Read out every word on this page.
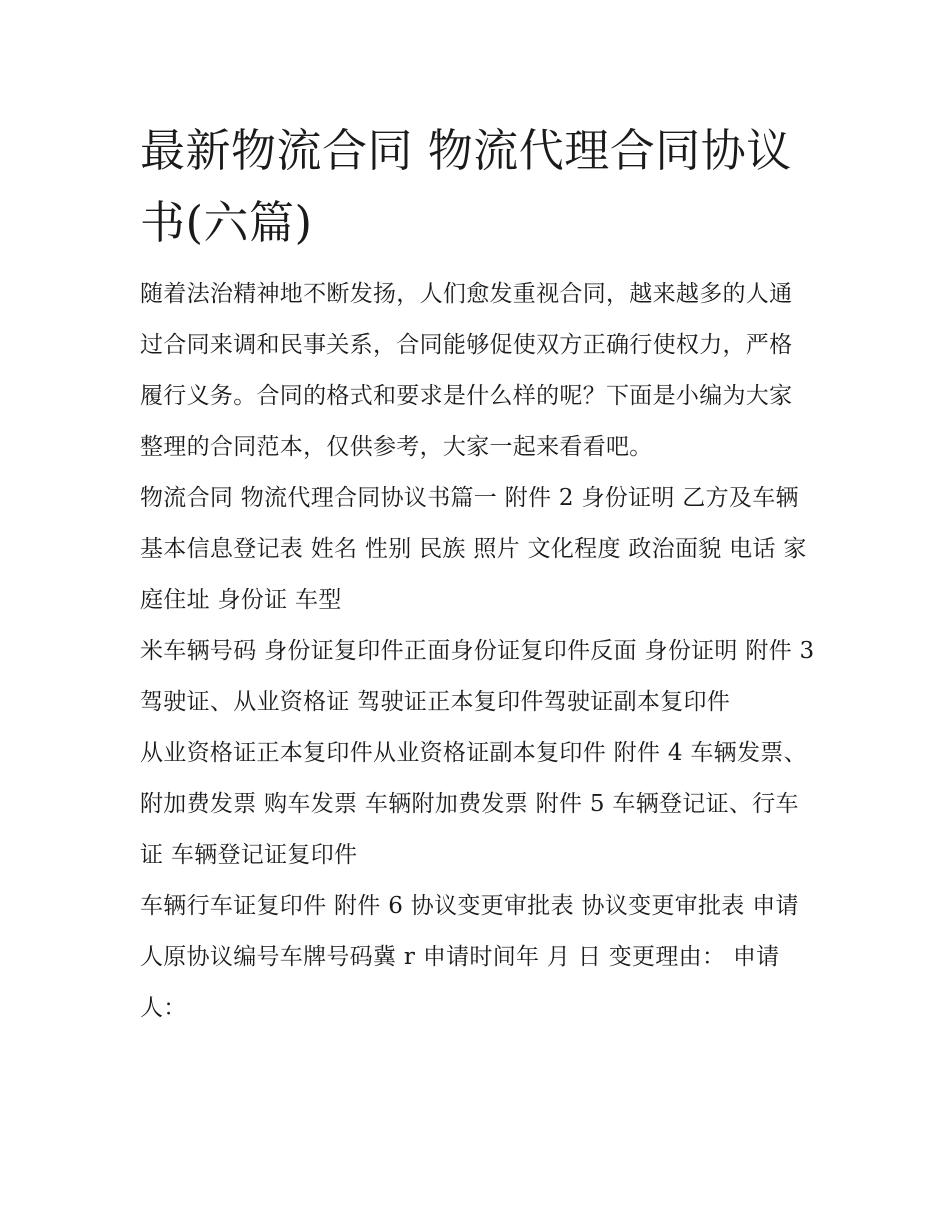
最新物流合同 物流代理合同协议书(六篇)

随着法治精神地不断发扬，人们愈发重视合同，越来越多的人通过合同来调和民事关系，合同能够促使双方正确行使权力，严格履行义务。合同的格式和要求是什么样的呢？下面是小编为大家整理的合同范本，仅供参考，大家一起来看看吧。

物流合同 物流代理合同协议书篇一 附件 2 身份证明 乙方及车辆基本信息登记表 姓名 性别 民族 照片 文化程度 政治面貌 电话 家庭住址 身份证 车型

米车辆号码 身份证复印件正面身份证复印件反面 身份证明 附件 3 驾驶证、从业资格证 驾驶证正本复印件驾驶证副本复印件

从业资格证正本复印件从业资格证副本复印件 附件 4 车辆发票、附加费发票 购车发票 车辆附加费发票 附件 5 车辆登记证、行车证 车辆登记证复印件

车辆行车证复印件 附件 6 协议变更审批表 协议变更审批表 申请人原协议编号车牌号码冀 r 申请时间年 月 日 变更理由： 申请人：
